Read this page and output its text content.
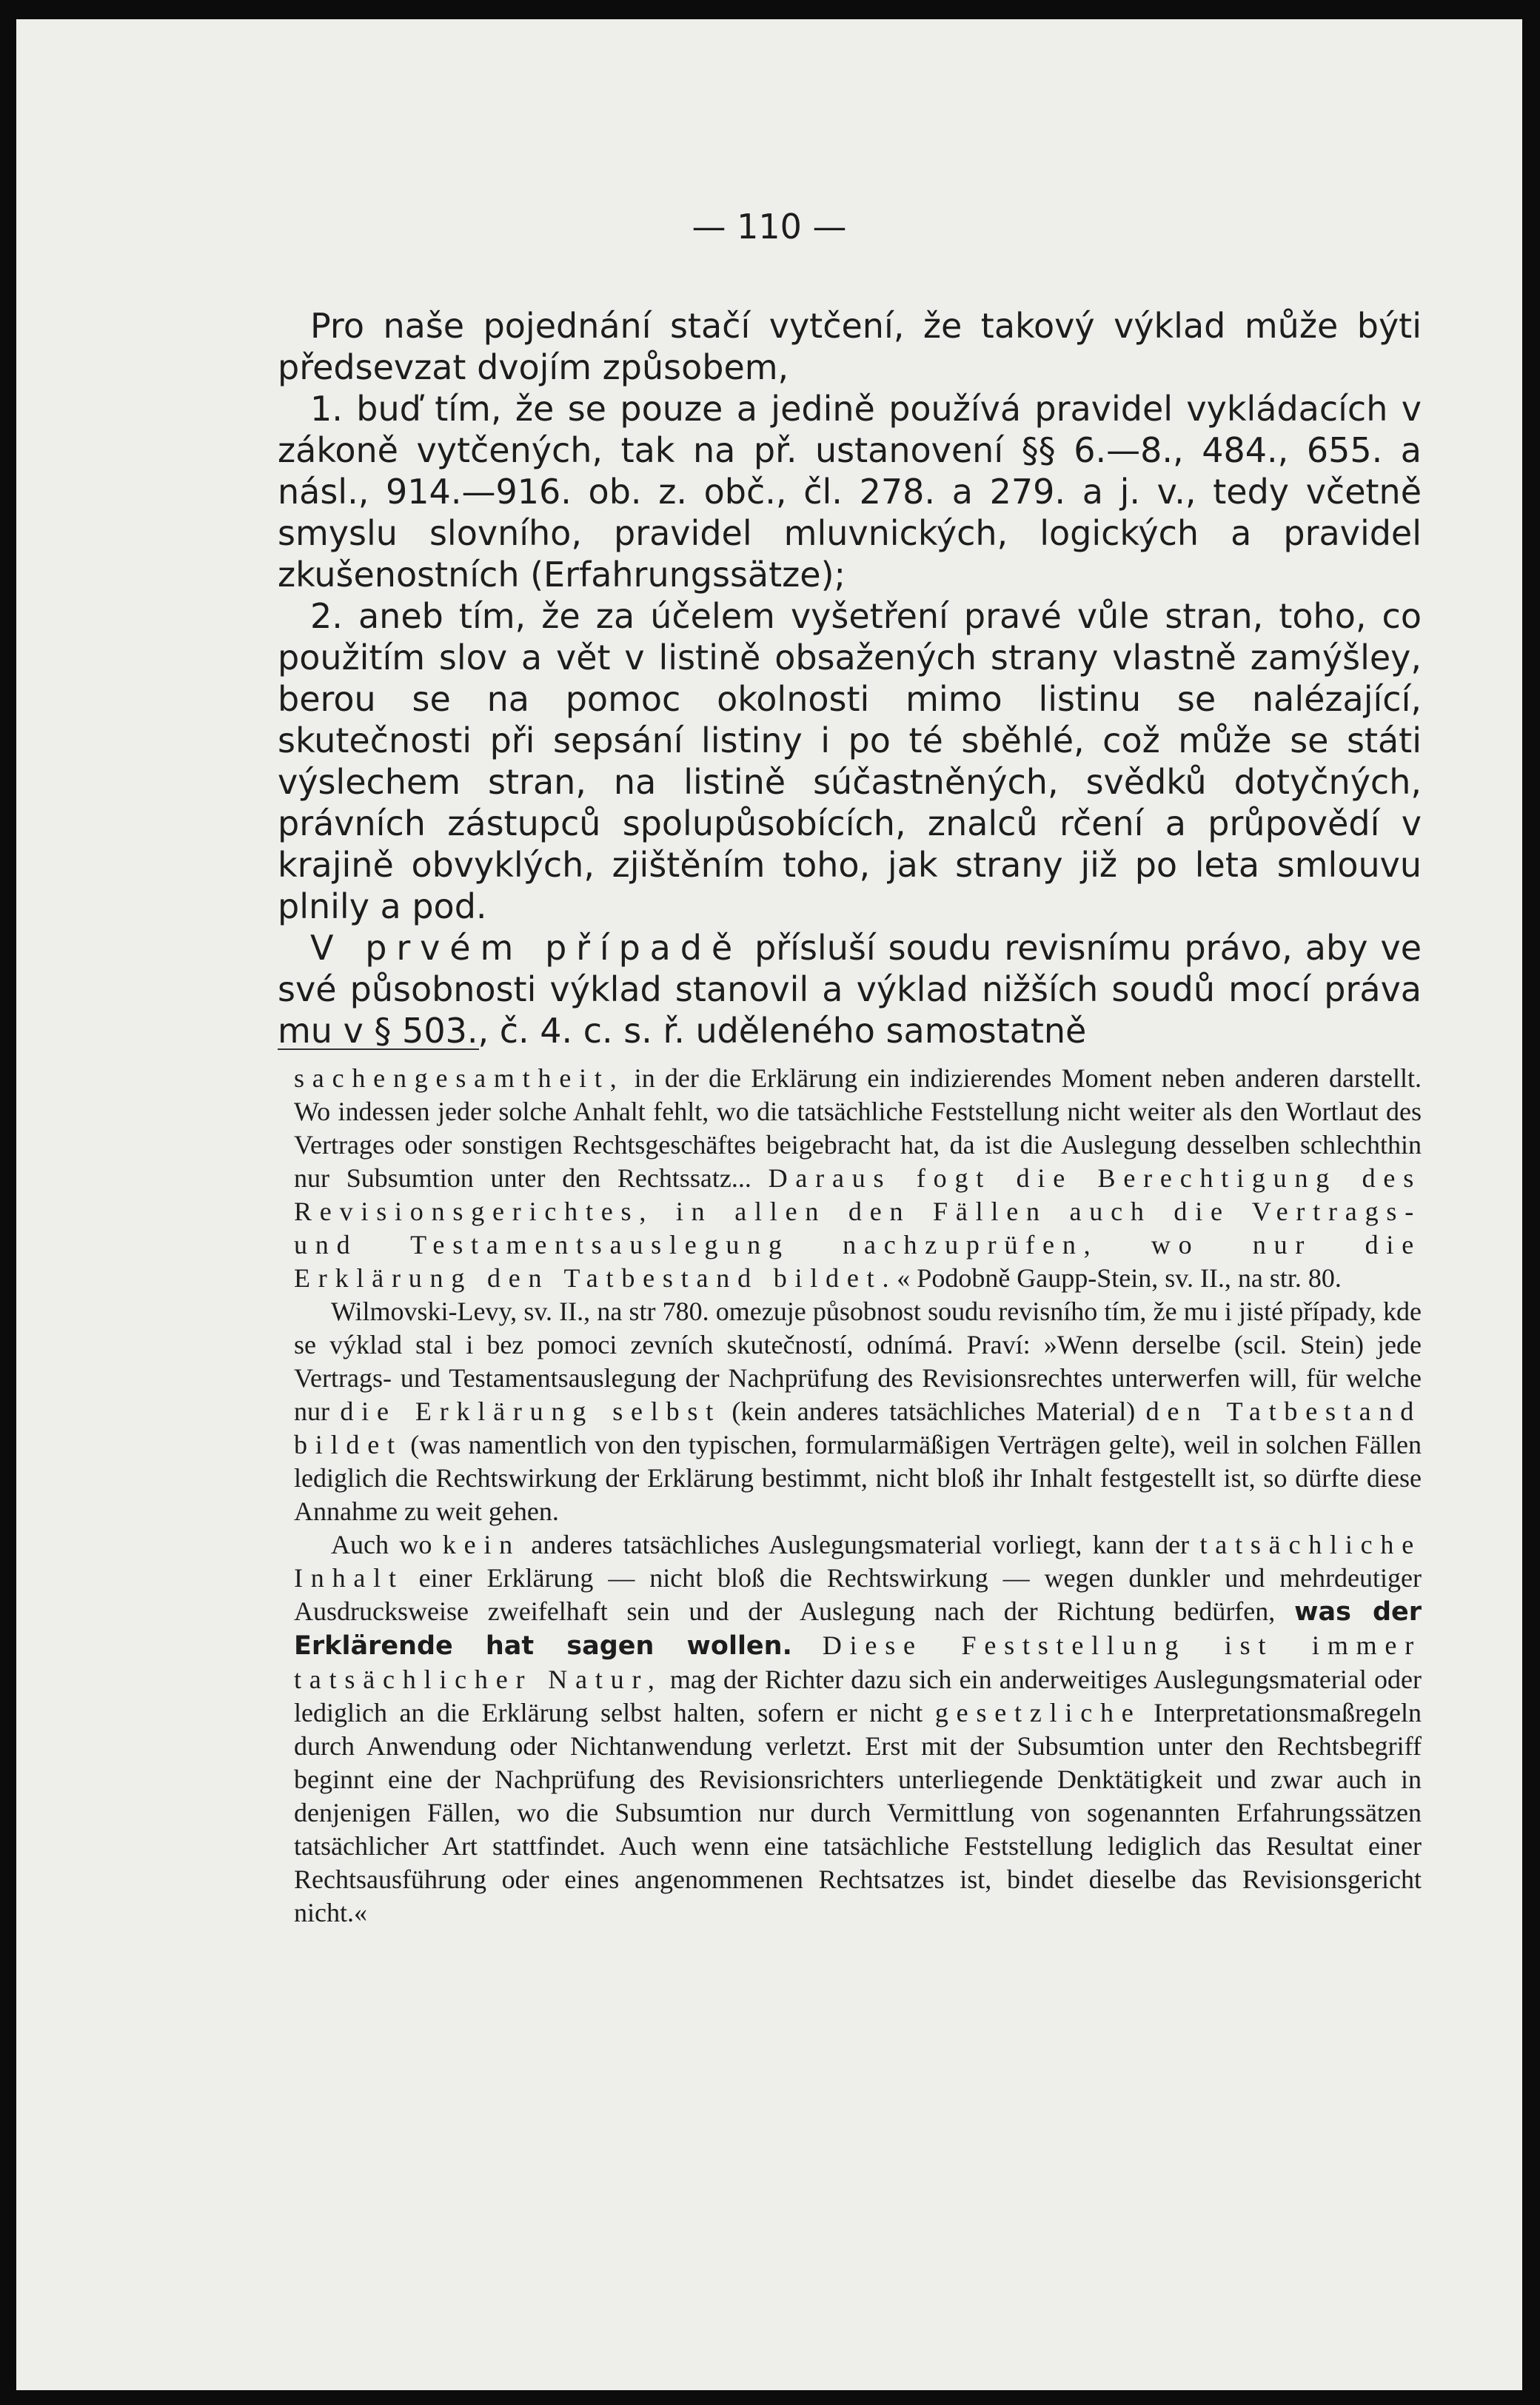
— 110 —

Pro naše pojednání stačí vytčení, že takový výklad může býti předsevzat dvojím způsobem,

1. buď tím, že se pouze a jedině používá pravidel vykládacích v zákoně vytčených, tak na př. ustanovení §§ 6.—8., 484., 655. a násl., 914.—916. ob. z. obč., čl. 278. a 279. a j. v., tedy včetně smyslu slovního, pravidel mluvnických, logických a pravidel zkušenostních (Erfahrungssätze);

2. aneb tím, že za účelem vyšetření pravé vůle stran, toho, co použitím slov a vět v listině obsažených strany vlastně zamýšley, berou se na pomoc okolnosti mimo listinu se nalézající, skutečnosti při sepsání listiny i po té sběhlé, což může se státi výslechem stran, na listině súčastněných, svědků dotyčných, právních zástupců spolupůsobících, znalců rčení a průpovědí v krajině obvyklých, zjištěním toho, jak strany již po leta smlouvu plnily a pod.

V prvém případě přísluší soudu revisnímu právo, aby ve své působnosti výklad stanovil a výklad nižších soudů mocí práva mu v § 503., č. 4. c. s. ř. uděleného samostatně

sachengesamtheit, in der die Erklärung ein indizierendes Moment neben anderen darstellt. Wo indessen jeder solche Anhalt fehlt, wo die tatsächliche Feststellung nicht weiter als den Wortlaut des Vertrages oder sonstigen Rechtsgeschäftes beigebracht hat, da ist die Auslegung desselben schlechthin nur Subsumtion unter den Rechtssatz... Daraus fogt die Berechtigung des Revisionsgerichtes, in allen den Fällen auch die Vertrags- und Testamentsauslegung nachzuprüfen, wo nur die Erklärung den Tatbestand bildet.« Podobně Gaupp-Stein, sv. II., na str. 80.

Wilmovski-Levy, sv. II., na str 780. omezuje působnost soudu revisního tím, že mu i jisté případy, kde se výklad stal i bez pomoci zevních skutečností, odnímá. Praví: »Wenn derselbe (scil. Stein) jede Vertrags- und Testamentsauslegung der Nachprüfung des Revisionsrechtes unterwerfen will, für welche nur die Erklärung selbst (kein anderes tatsächliches Material) den Tatbestand bildet (was namentlich von den typischen, formularmäßigen Verträgen gelte), weil in solchen Fällen lediglich die Rechtswirkung der Erklärung bestimmt, nicht bloß ihr Inhalt festgestellt ist, so dürfte diese Annahme zu weit gehen.

Auch wo kein anderes tatsächliches Auslegungsmaterial vorliegt, kann der tatsächliche Inhalt einer Erklärung — nicht bloß die Rechtswirkung — wegen dunkler und mehrdeutiger Ausdrucksweise zweifelhaft sein und der Auslegung nach der Richtung bedürfen, was der Erklärende hat sagen wollen. Diese Feststellung ist immer tatsächlicher Natur, mag der Richter dazu sich ein anderweitiges Auslegungsmaterial oder lediglich an die Erklärung selbst halten, sofern er nicht gesetzliche Interpretationsmaßregeln durch Anwendung oder Nichtanwendung verletzt. Erst mit der Subsumtion unter den Rechtsbegriff beginnt eine der Nachprüfung des Revisionsrichters unterliegende Denktätigkeit und zwar auch in denjenigen Fällen, wo die Subsumtion nur durch Vermittlung von sogenannten Erfahrungssätzen tatsächlicher Art stattfindet. Auch wenn eine tatsächliche Feststellung lediglich das Resultat einer Rechtsausführung oder eines angenommenen Rechtsatzes ist, bindet dieselbe das Revisionsgericht nicht.«
